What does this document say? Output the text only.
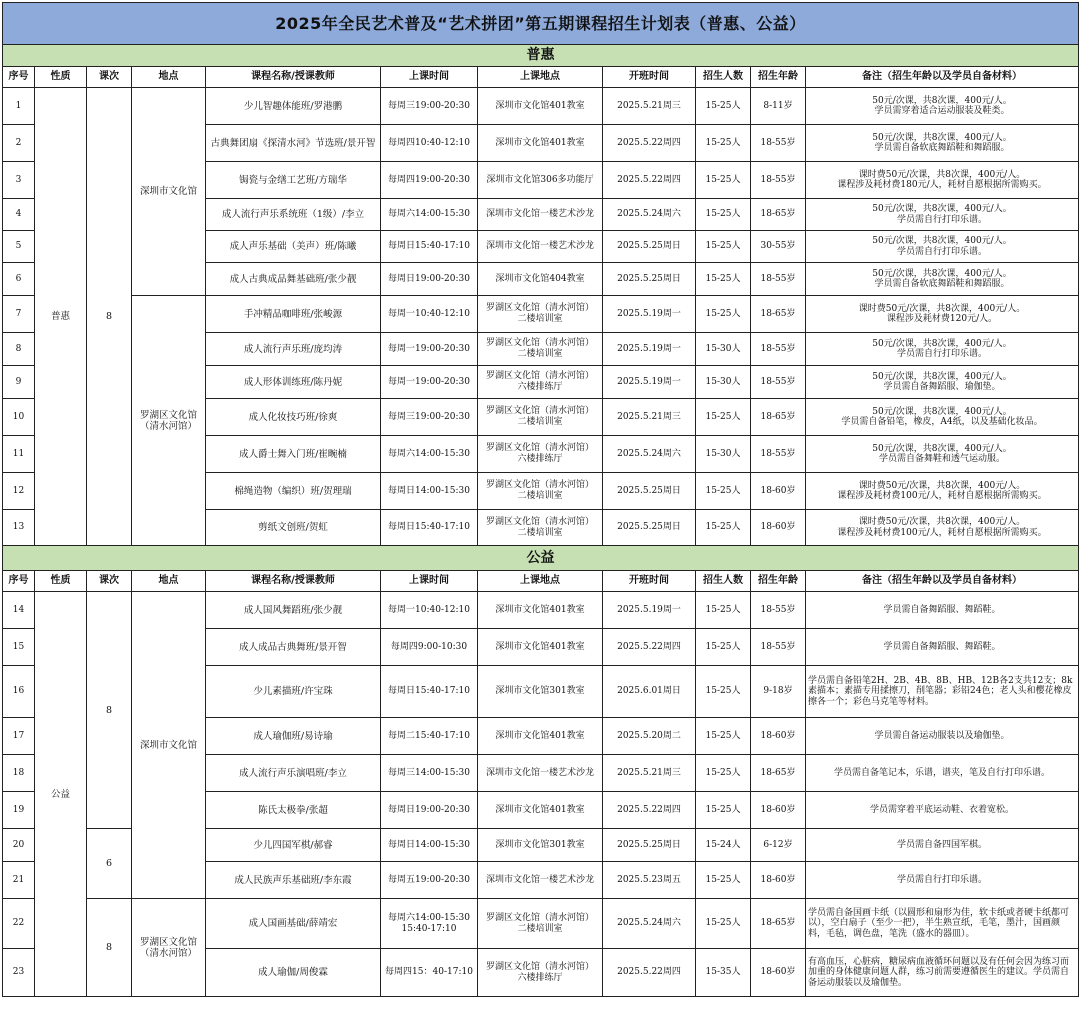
2025年全民艺术普及“艺术拼团”第五期课程招生计划表（普惠、公益）										
普惠										
序号	性质	课次	地点	课程名称/授课教师	上课时间	上课地点	开班时间	招生人数	招生年龄	备注（招生年龄以及学员自备材料）
1	普惠	8	深圳市文化馆	少儿智趣体能班/罗港鹏	每周三19:00-20:30	深圳市文化馆401教室	2025.5.21周三	15-25人	8-11岁	50元/次课，共8次课，400元/人。
学员需穿着适合运动服装及鞋类。

2				古典舞团扇《探清水河》节选班/景开智	每周四10:40-12:10	深圳市文化馆401教室	2025.5.22周四	15-25人	18-55岁	50元/次课，共8次课，400元/人。
学员需自备软底舞蹈鞋和舞蹈服。

3				锔瓷与金缮工艺班/方瑞华	每周四19:00-20:30	深圳市文化馆306多功能厅	2025.5.22周四	15-25人	18-55岁	课时费50元/次课，共8次课，400元/人。
课程涉及耗材费180元/人，耗材自愿根据所需购买。

4				成人流行声乐系统班（1级）/李立	每周六14:00-15:30	深圳市文化馆一楼艺术沙龙	2025.5.24周六	15-25人	18-65岁	50元/次课，共8次课，400元/人。
学员需自行打印乐谱。

5				成人声乐基础（美声）班/陈曦	每周日15:40-17:10	深圳市文化馆一楼艺术沙龙	2025.5.25周日	15-25人	30-55岁	50元/次课，共8次课，400元/人。
学员需自行打印乐谱。

6				成人古典成品舞基础班/张少靓	每周日19:00-20:30	深圳市文化馆404教室	2025.5.25周日	15-25人	18-55岁	50元/次课，共8次课，400元/人。
学员需自备软底舞蹈鞋和舞蹈服。

7			罗湖区文化馆
（清水河馆）	手冲精品咖啡班/张峻源	每周一10:40-12:10	罗湖区文化馆（清水河馆）
二楼培训室	2025.5.19周一	15-25人	18-65岁	课时费50元/次课，共8次课，400元/人。
课程涉及耗材费120元/人。

8				成人流行声乐班/庞均涛	每周一19:00-20:30	罗湖区文化馆（清水河馆）
二楼培训室	2025.5.19周一	15-30人	18-55岁	50元/次课，共8次课，400元/人。
学员需自行打印乐谱。

9				成人形体训练班/陈丹妮	每周一19:00-20:30	罗湖区文化馆（清水河馆）
六楼排练厅	2025.5.19周一	15-30人	18-55岁	50元/次课，共8次课，400元/人。
学员需自备舞蹈服、瑜伽垫。

10				成人化妆技巧班/徐爽	每周三19:00-20:30	罗湖区文化馆（清水河馆）
二楼培训室	2025.5.21周三	15-25人	18-65岁	50元/次课，共8次课，400元/人。
学员需自备铅笔，橡皮，A4纸，以及基础化妆品。

11				成人爵士舞入门班/崔畹楠	每周六14:00-15:30	罗湖区文化馆（清水河馆）
六楼排练厅	2025.5.24周六	15-30人	18-55岁	50元/次课，共8次课，400元/人。
学员需自备舞鞋和透气运动服。

12				棉绳造物（编织）班/贺理瑞	每周日14:00-15:30	罗湖区文化馆（清水河馆）
二楼培训室	2025.5.25周日	15-25人	18-60岁	课时费50元/次课，共8次课，400元/人。
课程涉及耗材费100元/人，耗材自愿根据所需购买。

13				剪纸文创班/贺虹	每周日15:40-17:10	罗湖区文化馆（清水河馆）
二楼培训室	2025.5.25周日	15-25人	18-60岁	课时费50元/次课，共8次课，400元/人。
课程涉及耗材费100元/人，耗材自愿根据所需购买。

公益										
序号	性质	课次	地点	课程名称/授课教师	上课时间	上课地点	开班时间	招生人数	招生年龄	备注（招生年龄以及学员自备材料）
14	公益	8	深圳市文化馆	成人国风舞蹈班/张少靓	每周一10:40-12:10	深圳市文化馆401教室	2025.5.19周一	15-25人	18-55岁	学员需自备舞蹈服、舞蹈鞋。

15				成人成品古典舞班/景开智	每周四9:00-10:30	深圳市文化馆401教室	2025.5.22周四	15-25人	18-55岁	学员需自备舞蹈服、舞蹈鞋。

16				少儿素描班/许宝珠	每周日15:40-17:10	深圳市文化馆301教室	2025.6.01周日	15-25人	9-18岁	学员需自备铅笔2H、2B、4B、8B、HB、12B各2支共12支；8k素描本；素描专用揉擦刀，削笔器；彩铅24色；老人头和樱花橡皮擦各一个；彩色马克笔等材料。

17				成人瑜伽班/易诗瑜	每周二15:40-17:10	深圳市文化馆401教室	2025.5.20周二	15-25人	18-60岁	学员需自备运动服装以及瑜伽垫。

18				成人流行声乐演唱班/李立	每周三14:00-15:30	深圳市文化馆一楼艺术沙龙	2025.5.21周三	15-25人	18-65岁	学员需自备笔记本，乐谱，谱夹，笔及自行打印乐谱。

19				陈氏太极拳/张超	每周日19:00-20:30	深圳市文化馆401教室	2025.5.22周四	15-25人	18-60岁	学员需穿着平底运动鞋、衣着宽松。

20		6		少儿四国军棋/郝睿	每周日14:00-15:30	深圳市文化馆301教室	2025.5.25周日	15-24人	6-12岁	学员需自备四国军棋。

21				成人民族声乐基础班/李东霞	每周五19:00-20:30	深圳市文化馆一楼艺术沙龙	2025.5.23周五	15-25人	18-60岁	学员需自行打印乐谱。

22		8	罗湖区文化馆
（清水河馆）	成人国画基础/薛靖宏	每周六14:00-15:30
15:40-17:10	罗湖区文化馆（清水河馆）
二楼培训室	2025.5.24周六	15-25人	18-65岁	学员需自备国画卡纸（以圆形和扇形为佳，软卡纸或者硬卡纸都可以），空白扇子（至少一把），半生熟宣纸，毛笔，墨汁，国画颜料，毛毡，调色盘，笔洗（盛水的器皿）。

23				成人瑜伽/周俊霖	每周四15：40-17:10	罗湖区文化馆（清水河馆）
六楼排练厅	2025.5.22周四	15-35人	18-60岁	有高血压，心脏病，糖尿病血液循环问题以及有任何会因为练习而加重的身体健康问题人群，练习前需要遵循医生的建议。学员需自备运动服装以及瑜伽垫。
